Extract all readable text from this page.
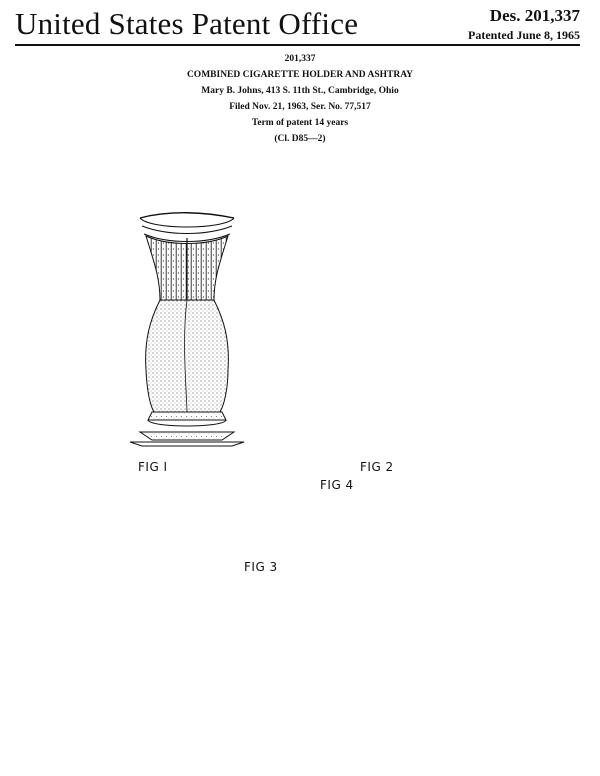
United States Patent Office	Des. 201,337
Patented June 8, 1965
201,337
COMBINED CIGARETTE HOLDER AND ASHTRAY
Mary B. Johns, 413 S. 11th St., Cambridge, Ohio
Filed Nov. 21, 1963, Ser. No. 77,517
Term of patent 14 years
(Cl. D85—2)
FIG I	FIG 2
FIG 3
FIG 4
